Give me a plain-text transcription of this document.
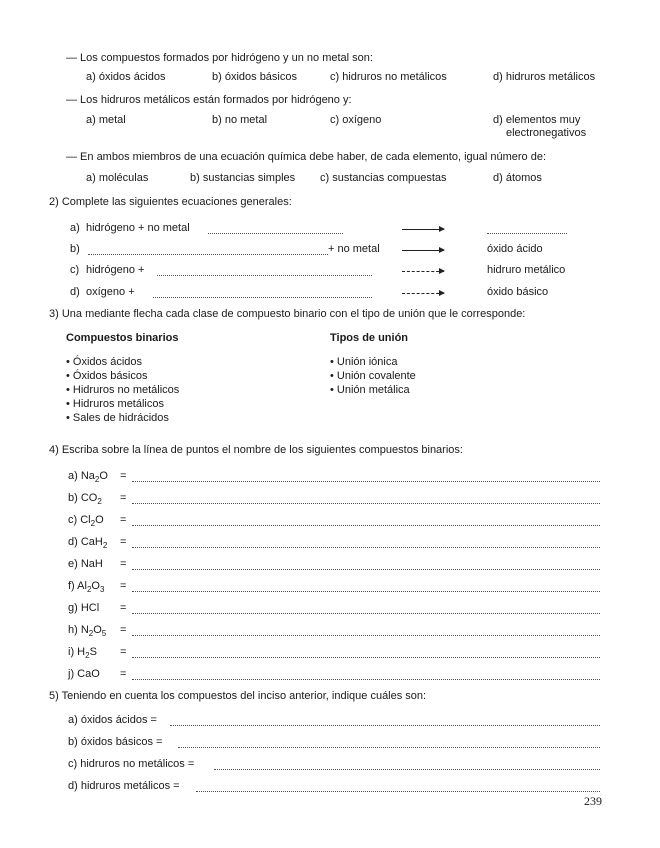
— Los compuestos formados por hidrógeno y un no metal son:
a) óxidos ácidos	b) óxidos básicos	c) hidruros no metálicos	d) hidruros metálicos
— Los hidruros metálicos están formados por hidrógeno y:
a) metal	b) no metal	c) oxígeno	d) elementos muy
electronegativos
— En ambos miembros de una ecuación química debe haber, de cada elemento, igual número de:
a) moléculas	b) sustancias simples c) sustancias compuestas	d) átomos
2) Complete las siguientes ecuaciones generales:
a) hidrógeno + no metal
b)	+ no metal	óxido ácido
c) hidrógeno +	hidruro metálico
d) oxígeno +	óxido básico
3) Una mediante flecha cada clase de compuesto binario con el tipo de unión que le corresponde:
Compuestos binarios	Tipos de unión
• Óxidos ácidos
• Óxidos básicos
• Hidruros no metálicos
• Hidruros metálicos
• Sales de hidrácidos
• Unión iónica
• Unión covalente
• Unión metálica
4) Escriba sobre la línea de puntos el nombre de los siguientes compuestos binarios:
a) $Na_2O$ =
b) $CO_2$ =
c) $Cl_2O$ =
d) CaH$_2$ =
e) NaH =
f) $Al_2O_3$ =
g) HCl =
h) $N_2O_5$ =
i) $H_2S$ =
j) CaO =
5) Teniendo en cuenta los compuestos del inciso anterior, indique cuáles son:
a) óxidos ácidos =
b) óxidos básicos =
c) hidruros no metálicos =
d) hidruros metálicos =
239
